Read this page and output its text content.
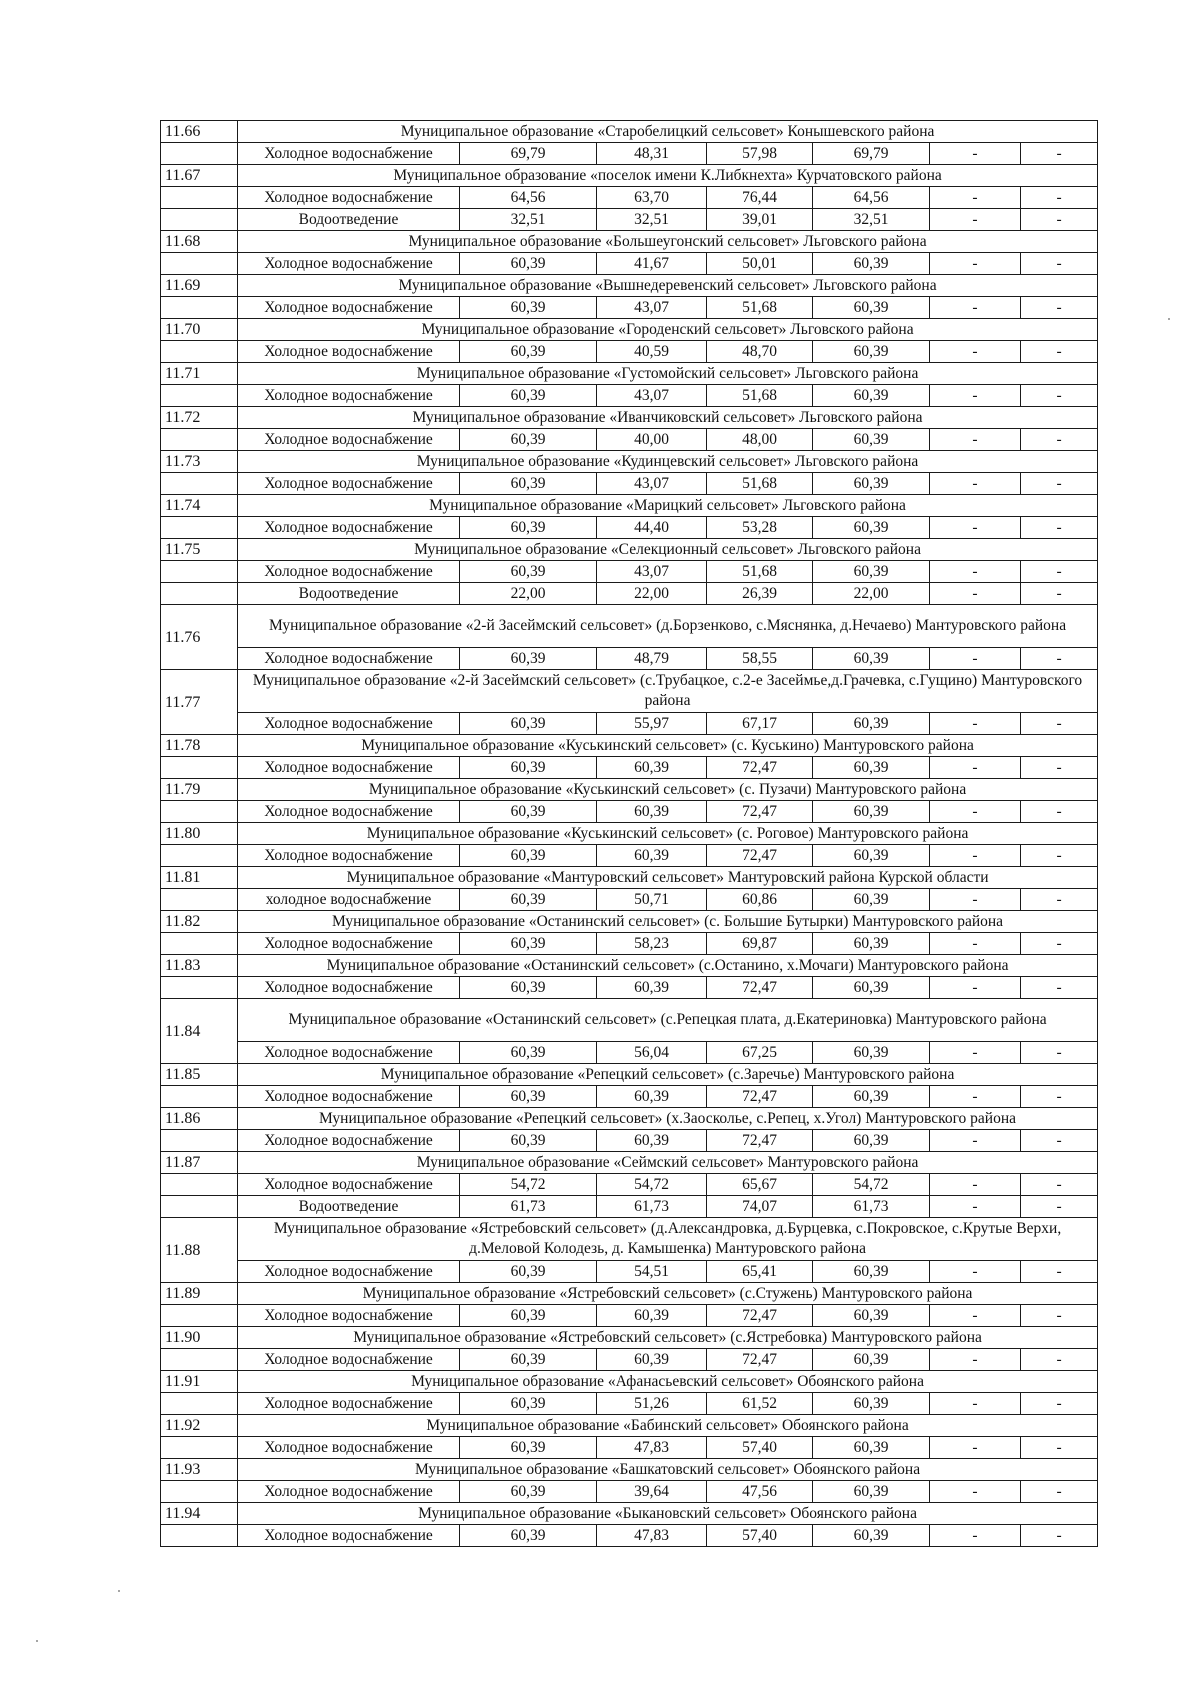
11.66	Муниципальное образование «Старобелицкий сельсовет» Конышевского района						
	Холодное водоснабжение	69,79	48,31	57,98	69,79	-	-
11.67	Муниципальное образование «поселок имени К.Либкнехта» Курчатовского района						
	Холодное водоснабжение	64,56	63,70	76,44	64,56	-	-
	Водоотведение	32,51	32,51	39,01	32,51	-	-
11.68	Муниципальное образование «Большеугонский сельсовет» Льговского района						
	Холодное водоснабжение	60,39	41,67	50,01	60,39	-	-
11.69	Муниципальное образование «Вышнедеревенский сельсовет» Льговского района						
	Холодное водоснабжение	60,39	43,07	51,68	60,39	-	-
11.70	Муниципальное образование «Городенский сельсовет» Льговского района						
	Холодное водоснабжение	60,39	40,59	48,70	60,39	-	-
11.71	Муниципальное образование «Густомойский сельсовет» Льговского района						
	Холодное водоснабжение	60,39	43,07	51,68	60,39	-	-
11.72	Муниципальное образование «Иванчиковский сельсовет» Льговского района						
	Холодное водоснабжение	60,39	40,00	48,00	60,39	-	-
11.73	Муниципальное образование «Кудинцевский сельсовет» Льговского района						
	Холодное водоснабжение	60,39	43,07	51,68	60,39	-	-
11.74	Муниципальное образование «Марицкий сельсовет» Льговского района						
	Холодное водоснабжение	60,39	44,40	53,28	60,39	-	-
11.75	Муниципальное образование «Селекционный сельсовет» Льговского района						
	Холодное водоснабжение	60,39	43,07	51,68	60,39	-	-
	Водоотведение	22,00	22,00	26,39	22,00	-	-
11.76	Муниципальное образование «2-й Засеймский сельсовет» (д.Борзенково, с.Мяснянка, д.Нечаево) Мантуровского района						
	Холодное водоснабжение	60,39	48,79	58,55	60,39	-	-
11.77	Муниципальное образование «2-й Засеймский сельсовет» (с.Трубацкое, с.2-е Засеймье,д.Грачевка, с.Гущино) Мантуровского района						
	Холодное водоснабжение	60,39	55,97	67,17	60,39	-	-
11.78	Муниципальное образование «Куськинский сельсовет» (с. Куськино) Мантуровского района						
	Холодное водоснабжение	60,39	60,39	72,47	60,39	-	-
11.79	Муниципальное образование «Куськинский сельсовет» (с. Пузачи) Мантуровского района						
	Холодное водоснабжение	60,39	60,39	72,47	60,39	-	-
11.80	Муниципальное образование «Куськинский сельсовет» (с. Роговое) Мантуровского района						
	Холодное водоснабжение	60,39	60,39	72,47	60,39	-	-
11.81	Муниципальное образование «Мантуровский сельсовет» Мантуровский района Курской области						
	холодное водоснабжение	60,39	50,71	60,86	60,39	-	-
11.82	Муниципальное образование «Останинский сельсовет» (с. Большие Бутырки) Мантуровского района						
	Холодное водоснабжение	60,39	58,23	69,87	60,39	-	-
11.83	Муниципальное образование «Останинский сельсовет» (с.Останино, х.Мочаги) Мантуровского района						
	Холодное водоснабжение	60,39	60,39	72,47	60,39	-	-
11.84	Муниципальное образование «Останинский сельсовет» (с.Репецкая плата, д.Екатериновка) Мантуровского района						
	Холодное водоснабжение	60,39	56,04	67,25	60,39	-	-
11.85	Муниципальное образование «Репецкий сельсовет» (с.Заречье) Мантуровского района						
	Холодное водоснабжение	60,39	60,39	72,47	60,39	-	-
11.86	Муниципальное образование «Репецкий сельсовет» (х.Заосколье, с.Репец, х.Угол) Мантуровского района						
	Холодное водоснабжение	60,39	60,39	72,47	60,39	-	-
11.87	Муниципальное образование «Сеймский сельсовет» Мантуровского района						
	Холодное водоснабжение	54,72	54,72	65,67	54,72	-	-
	Водоотведение	61,73	61,73	74,07	61,73	-	-
11.88	Муниципальное образование «Ястребовский сельсовет» (д.Александровка, д.Бурцевка, с.Покровское, с.Крутые Верхи, д.Меловой Колодезь, д. Камышенка) Мантуровского района						
	Холодное водоснабжение	60,39	54,51	65,41	60,39	-	-
11.89	Муниципальное образование «Ястребовский сельсовет» (с.Стужень) Мантуровского района						
	Холодное водоснабжение	60,39	60,39	72,47	60,39	-	-
11.90	Муниципальное образование «Ястребовский сельсовет» (с.Ястребовка) Мантуровского района						
	Холодное водоснабжение	60,39	60,39	72,47	60,39	-	-
11.91	Муниципальное образование «Афанасьевский сельсовет» Обоянского района						
	Холодное водоснабжение	60,39	51,26	61,52	60,39	-	-
11.92	Муниципальное образование «Бабинский сельсовет» Обоянского района						
	Холодное водоснабжение	60,39	47,83	57,40	60,39	-	-
11.93	Муниципальное образование «Башкатовский сельсовет» Обоянского района						
	Холодное водоснабжение	60,39	39,64	47,56	60,39	-	-
11.94	Муниципальное образование «Быкановский сельсовет» Обоянского района						
	Холодное водоснабжение	60,39	47,83	57,40	60,39	-	-
